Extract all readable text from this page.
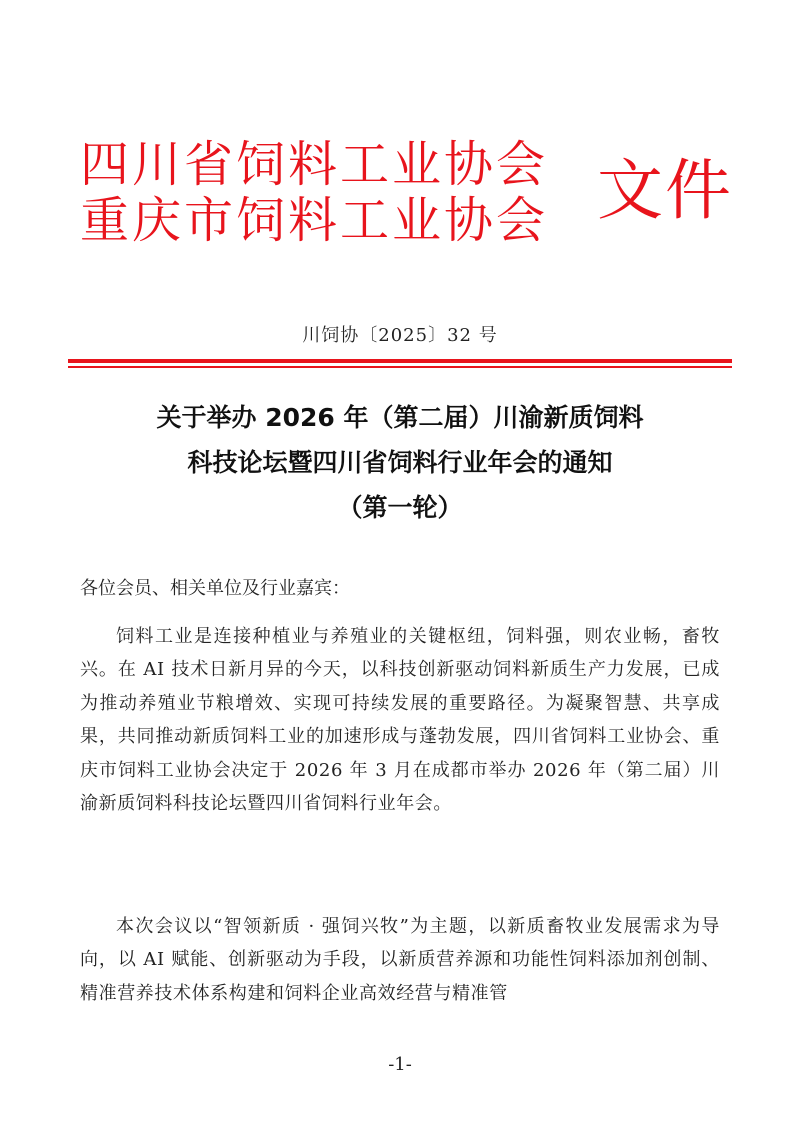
四川省饲料工业协会
重庆市饲料工业协会 文件
川饲协〔2025〕32 号
关于举办 2026 年（第二届）川渝新质饲料
科技论坛暨四川省饲料行业年会的通知
（第一轮）
各位会员、相关单位及行业嘉宾：
饲料工业是连接种植业与养殖业的关键枢纽，饲料强，则农业畅，畜牧兴。在 AI 技术日新月异的今天，以科技创新驱动饲料新质生产力发展，已成为推动养殖业节粮增效、实现可持续发展的重要路径。为凝聚智慧、共享成果，共同推动新质饲料工业的加速形成与蓬勃发展，四川省饲料工业协会、重庆市饲料工业协会决定于 2026 年 3 月在成都市举办 2026 年（第二届）川渝新质饲料科技论坛暨四川省饲料行业年会。
本次会议以“智领新质 · 强饲兴牧”为主题，以新质畜牧业发展需求为导向，以 AI 赋能、创新驱动为手段，以新质营养源和功能性饲料添加剂创制、精准营养技术体系构建和饲料企业高效经营与精准管
-1-
